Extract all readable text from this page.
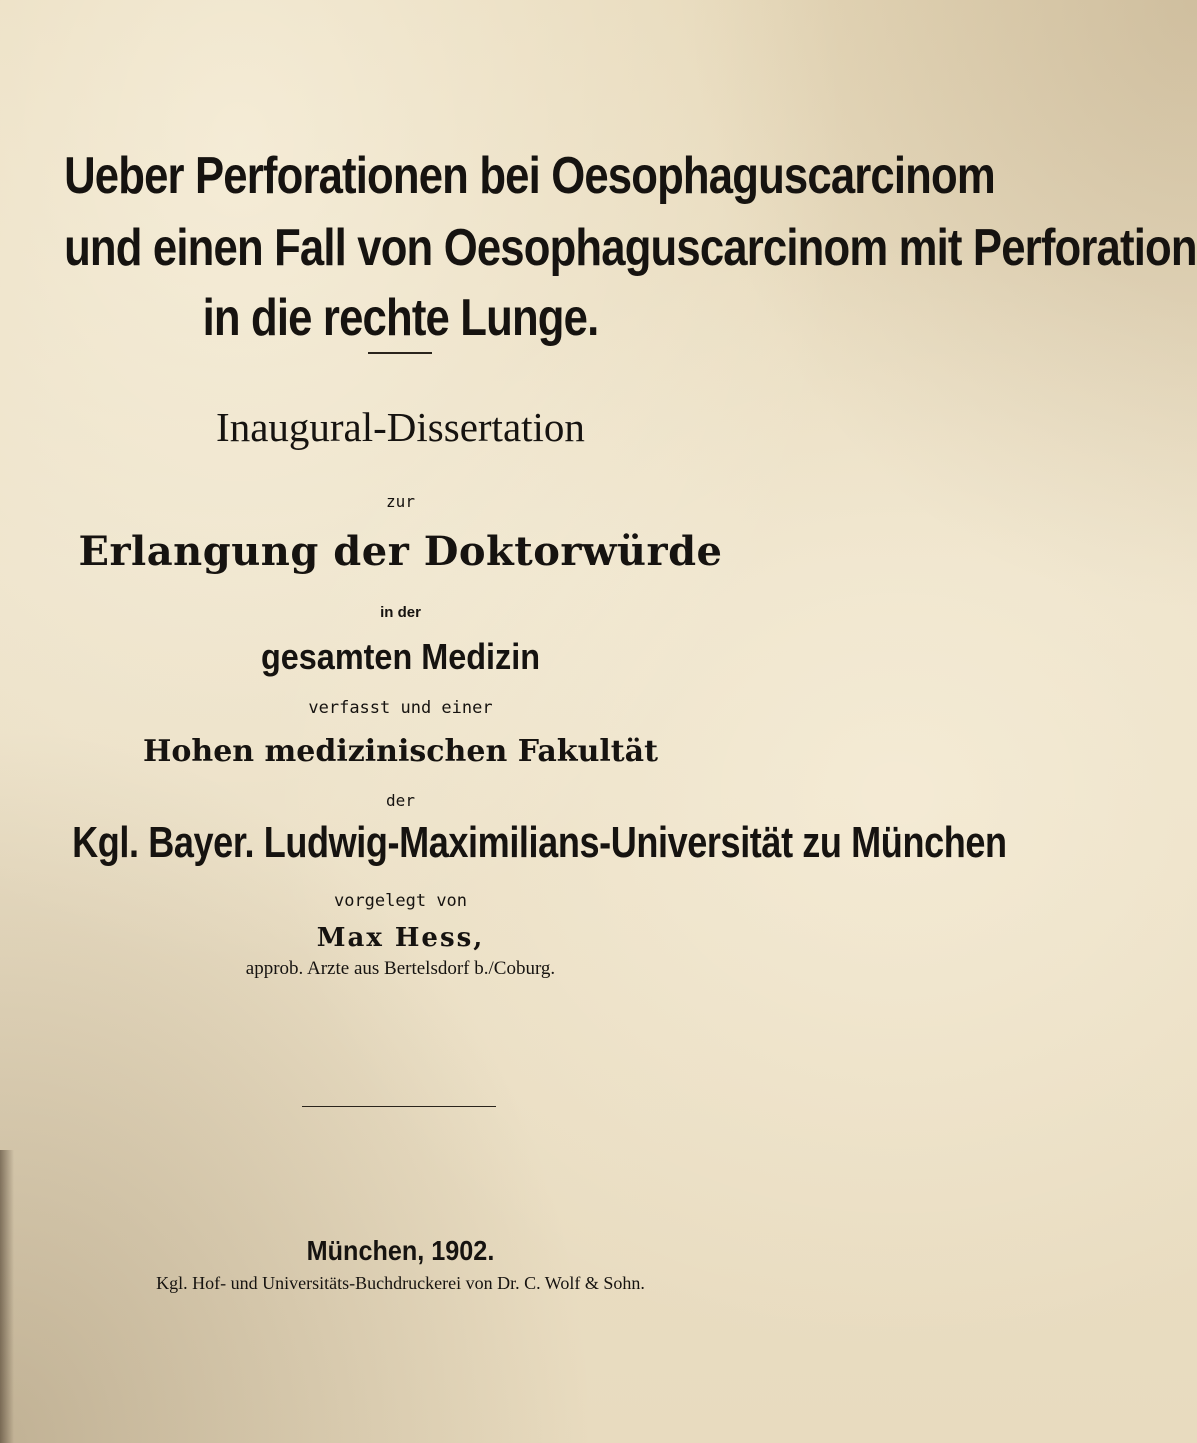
Ueber Perforationen bei Oesophaguscarcinom
und einen Fall von Oesophaguscarcinom mit Perforation
in die rechte Lunge.
Inaugural-Dissertation
zur
Erlangung der Doktorwürde
in der
gesamten Medizin
verfasst und einer
Hohen medizinischen Fakultät
der
Kgl. Bayer. Ludwig-Maximilians-Universität zu München
vorgelegt von
Max Hess,
approb. Arzte aus Bertelsdorf b./Coburg.
München, 1902.
Kgl. Hof- und Universitäts-Buchdruckerei von Dr. C. Wolf & Sohn.
